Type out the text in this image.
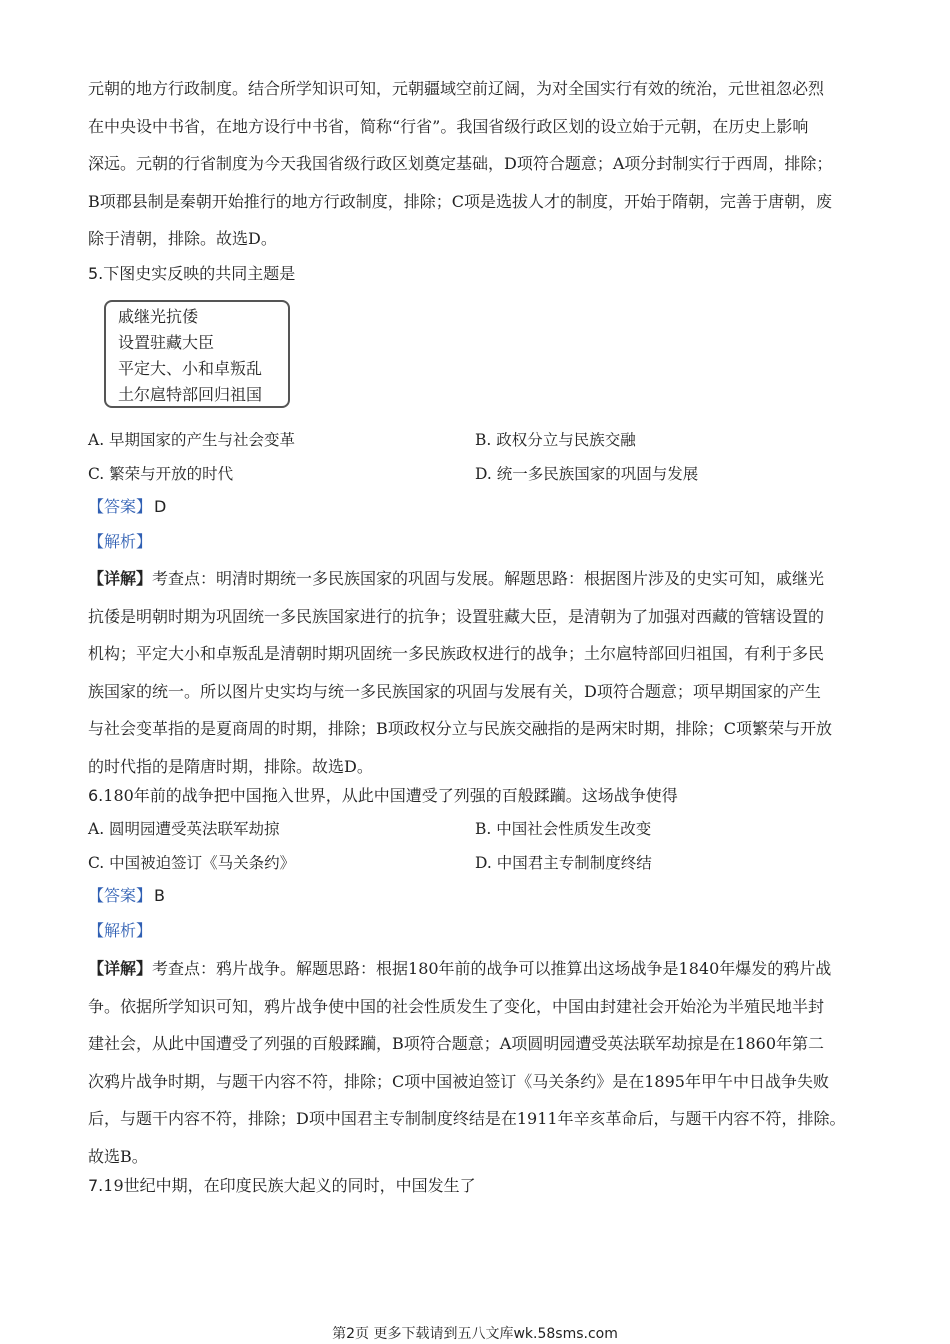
元朝的地方行政制度。结合所学知识可知，元朝疆域空前辽阔，为对全国实行有效的统治，元世祖忽必烈
在中央设中书省，在地方设行中书省，简称“行省”。我国省级行政区划的设立始于元朝，在历史上影响
深远。元朝的行省制度为今天我国省级行政区划奠定基础，D项符合题意；A项分封制实行于西周，排除；
B项郡县制是秦朝开始推行的地方行政制度，排除；C项是选拔人才的制度，开始于隋朝，完善于唐朝，废
除于清朝，排除。故选D。
5.下图史实反映的共同主题是
戚继光抗倭
设置驻藏大臣
平定大、小和卓叛乱
土尔扈特部回归祖国
A. 早期国家的产生与社会变革	B. 政权分立与民族交融
C. 繁荣与开放的时代	D. 统一多民族国家的巩固与发展
【答案】 D
【解析】
【详解】考查点：明清时期统一多民族国家的巩固与发展。解题思路：根据图片涉及的史实可知，戚继光
抗倭是明朝时期为巩固统一多民族国家进行的抗争；设置驻藏大臣，是清朝为了加强对西藏的管辖设置的
机构；平定大小和卓叛乱是清朝时期巩固统一多民族政权进行的战争；土尔扈特部回归祖国，有利于多民
族国家的统一。所以图片史实均与统一多民族国家的巩固与发展有关，D项符合题意；项早期国家的产生
与社会变革指的是夏商周的时期，排除；B项政权分立与民族交融指的是两宋时期，排除；C项繁荣与开放
的时代指的是隋唐时期，排除。故选D。
6.180年前的战争把中国拖入世界，从此中国遭受了列强的百般蹂躏。这场战争使得
A. 圆明园遭受英法联军劫掠	B. 中国社会性质发生改变
C. 中国被迫签订《马关条约》	D. 中国君主专制制度终结
【答案】 B
【解析】
【详解】考查点：鸦片战争。解题思路：根据180年前的战争可以推算出这场战争是1840年爆发的鸦片战
争。依据所学知识可知，鸦片战争使中国的社会性质发生了变化，中国由封建社会开始沦为半殖民地半封
建社会，从此中国遭受了列强的百般蹂躏，B项符合题意；A项圆明园遭受英法联军劫掠是在1860年第二
次鸦片战争时期，与题干内容不符，排除；C项中国被迫签订《马关条约》是在1895年甲午中日战争失败
后，与题干内容不符，排除；D项中国君主专制制度终结是在1911年辛亥革命后，与题干内容不符，排除。
故选B。
7.19世纪中期，在印度民族大起义的同时，中国发生了
第2页 更多下载请到五八文库wk.58sms.com
